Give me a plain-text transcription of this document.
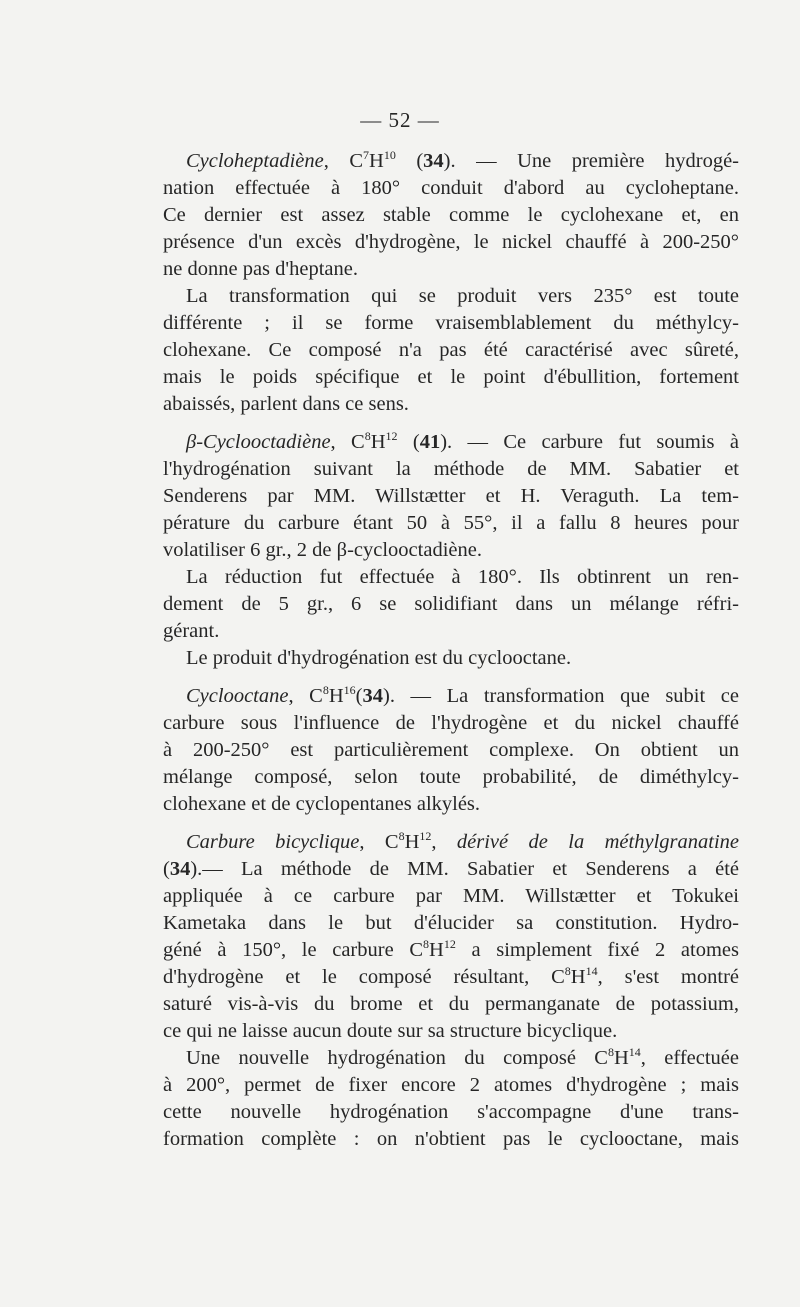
— 52 —
Cycloheptadiène, $C^7H^{10}$ (34). — Une première hydrogé-
nation effectuée à 180° conduit d'abord au cycloheptane.
Ce dernier est assez stable comme le cyclohexane et, en
présence d'un excès d'hydrogène, le nickel chauffé à 200-250°
ne donne pas d'heptane.
La transformation qui se produit vers 235° est toute
différente ; il se forme vraisemblablement du méthylcy-
clohexane. Ce composé n'a pas été caractérisé avec sûreté,
mais le poids spécifique et le point d'ébullition, fortement
abaissés, parlent dans ce sens.
β-Cyclooctadiène, $C^8H^{12}$ (41). — Ce carbure fut soumis à
l'hydrogénation suivant la méthode de MM. Sabatier et
Senderens par MM. Willstætter et H. Veraguth. La tem-
pérature du carbure étant 50 à 55°, il a fallu 8 heures pour
volatiliser 6 gr., 2 de β-cyclooctadiène.
La réduction fut effectuée à 180°. Ils obtinrent un ren-
dement de 5 gr., 6 se solidifiant dans un mélange réfri-
gérant.
Le produit d'hydrogénation est du cyclooctane.
Cyclooctane, $C^8H^{16}(34)$. — La transformation que subit ce
carbure sous l'influence de l'hydrogène et du nickel chauffé
à 200-250° est particulièrement complexe. On obtient un
mélange composé, selon toute probabilité, de diméthylcy-
clohexane et de cyclopentanes alkylés.
Carbure bicyclique, $C^8H^{12}$, dérivé de la méthylgranatine
(34).— La méthode de MM. Sabatier et Senderens a été
appliquée à ce carbure par MM. Willstætter et Tokukei
Kametaka dans le but d'élucider sa constitution. Hydro-
géné à 150°, le carbure $C^8H^{12}$ a simplement fixé 2 atomes
d'hydrogène et le composé résultant, $C^8H^{14}$, s'est montré
saturé vis-à-vis du brome et du permanganate de potassium,
ce qui ne laisse aucun doute sur sa structure bicyclique.
Une nouvelle hydrogénation du composé $C^8H^{14}$, effectuée
à 200°, permet de fixer encore 2 atomes d'hydrogène ; mais
cette nouvelle hydrogénation s'accompagne d'une trans-
formation complète : on n'obtient pas le cyclooctane, mais
